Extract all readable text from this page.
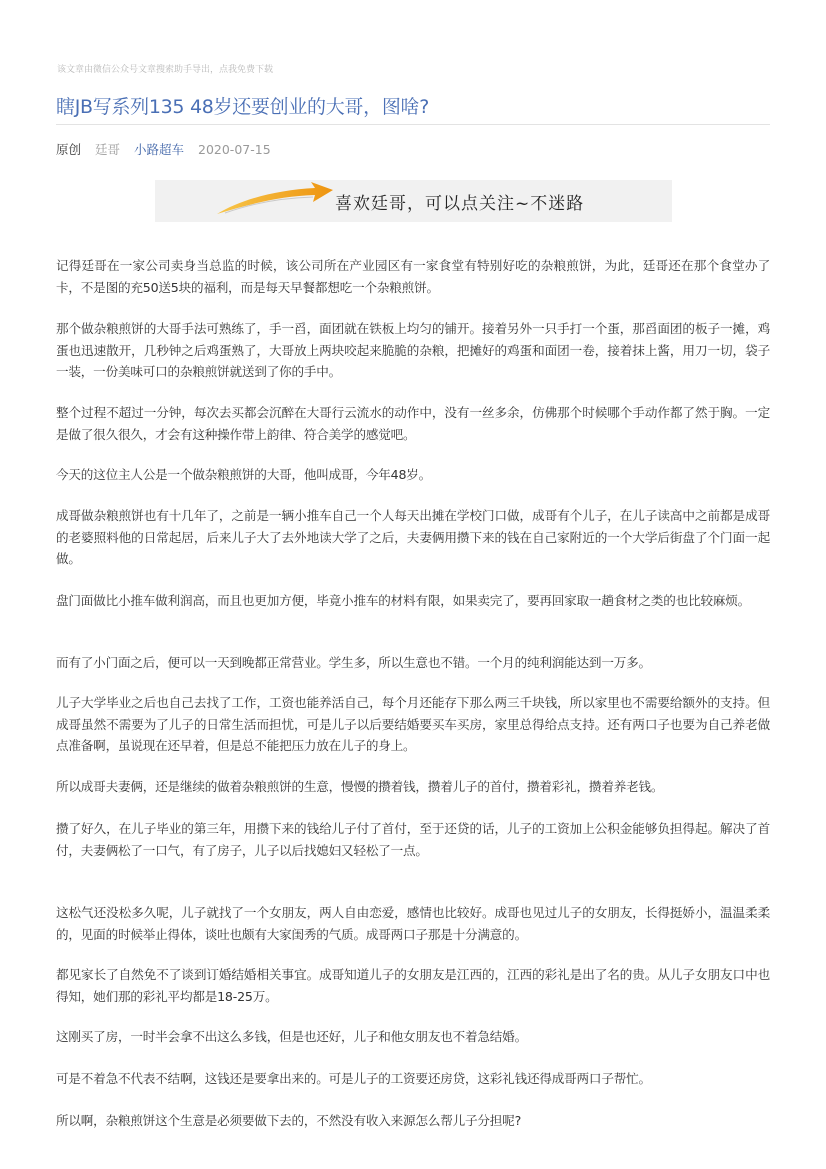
该文章由微信公众号文章搜索助手导出，点我免费下载
瞎JB写系列135 48岁还要创业的大哥，图啥?
原创 廷哥 小路超车 2020-07-15
喜欢廷哥，可以点关注~不迷路

记得廷哥在一家公司卖身当总监的时候，该公司所在产业园区有一家食堂有特别好吃的杂粮煎饼，为此，廷哥还在那个食堂办了卡，不是图的充50送5块的福利，而是每天早餐都想吃一个杂粮煎饼。

那个做杂粮煎饼的大哥手法可熟练了，手一舀，面团就在铁板上均匀的铺开。接着另外一只手打一个蛋，那舀面团的板子一摊，鸡蛋也迅速散开，几秒钟之后鸡蛋熟了，大哥放上两块咬起来脆脆的杂粮，把摊好的鸡蛋和面团一卷，接着抹上酱，用刀一切，袋子一装，一份美味可口的杂粮煎饼就送到了你的手中。

整个过程不超过一分钟，每次去买都会沉醉在大哥行云流水的动作中，没有一丝多余，仿佛那个时候哪个手动作都了然于胸。一定是做了很久很久，才会有这种操作带上韵律、符合美学的感觉吧。

今天的这位主人公是一个做杂粮煎饼的大哥，他叫成哥，今年48岁。

成哥做杂粮煎饼也有十几年了，之前是一辆小推车自己一个人每天出摊在学校门口做，成哥有个儿子，在儿子读高中之前都是成哥的老婆照料他的日常起居，后来儿子大了去外地读大学了之后，夫妻俩用攒下来的钱在自己家附近的一个大学后街盘了个门面一起做。

盘门面做比小推车做利润高，而且也更加方便，毕竟小推车的材料有限，如果卖完了，要再回家取一趟食材之类的也比较麻烦。

而有了小门面之后，便可以一天到晚都正常营业。学生多，所以生意也不错。一个月的纯利润能达到一万多。

儿子大学毕业之后也自己去找了工作，工资也能养活自己，每个月还能存下那么两三千块钱，所以家里也不需要给额外的支持。但成哥虽然不需要为了儿子的日常生活而担忧，可是儿子以后要结婚要买车买房，家里总得给点支持。还有两口子也要为自己养老做点准备啊，虽说现在还早着，但是总不能把压力放在儿子的身上。

所以成哥夫妻俩，还是继续的做着杂粮煎饼的生意，慢慢的攒着钱，攒着儿子的首付，攒着彩礼，攒着养老钱。

攒了好久，在儿子毕业的第三年，用攒下来的钱给儿子付了首付，至于还贷的话，儿子的工资加上公积金能够负担得起。解决了首付，夫妻俩松了一口气，有了房子，儿子以后找媳妇又轻松了一点。

这松气还没松多久呢，儿子就找了一个女朋友，两人自由恋爱，感情也比较好。成哥也见过儿子的女朋友，长得挺娇小，温温柔柔的，见面的时候举止得体，谈吐也颇有大家闺秀的气质。成哥两口子那是十分满意的。

都见家长了自然免不了谈到订婚结婚相关事宜。成哥知道儿子的女朋友是江西的，江西的彩礼是出了名的贵。从儿子女朋友口中也得知，她们那的彩礼平均都是18-25万。

这刚买了房，一时半会拿不出这么多钱，但是也还好，儿子和他女朋友也不着急结婚。

可是不着急不代表不结啊，这钱还是要拿出来的。可是儿子的工资要还房贷，这彩礼钱还得成哥两口子帮忙。

所以啊，杂粮煎饼这个生意是必须要做下去的，不然没有收入来源怎么帮儿子分担呢?
